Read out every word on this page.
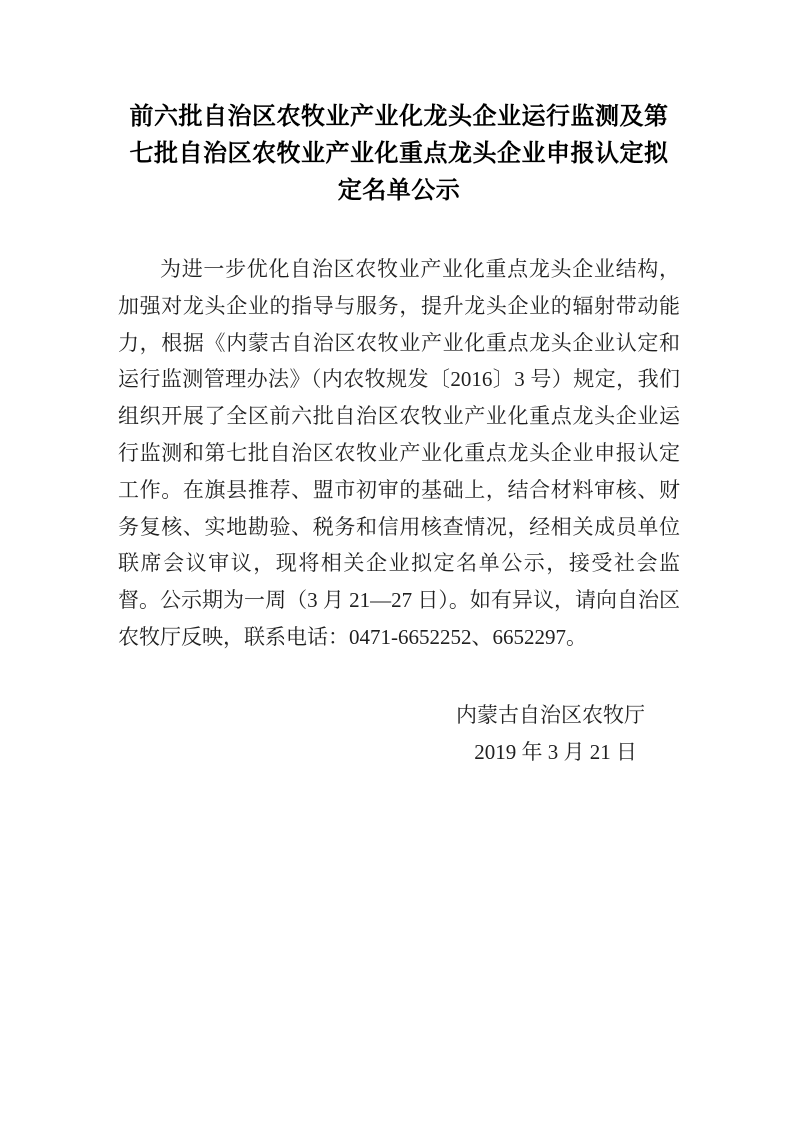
前六批自治区农牧业产业化龙头企业运行监测及第七批自治区农牧业产业化重点龙头企业申报认定拟定名单公示

为进一步优化自治区农牧业产业化重点龙头企业结构，加强对龙头企业的指导与服务，提升龙头企业的辐射带动能力，根据《内蒙古自治区农牧业产业化重点龙头企业认定和运行监测管理办法》（内农牧规发〔2016〕3 号）规定，我们组织开展了全区前六批自治区农牧业产业化重点龙头企业运行监测和第七批自治区农牧业产业化重点龙头企业申报认定工作。在旗县推荐、盟市初审的基础上，结合材料审核、财务复核、实地勘验、税务和信用核查情况，经相关成员单位联席会议审议，现将相关企业拟定名单公示，接受社会监督。公示期为一周（3 月 21—27 日）。如有异议，请向自治区农牧厅反映，联系电话：0471-6652252、6652297。

内蒙古自治区农牧厅
2019 年 3 月 21 日
